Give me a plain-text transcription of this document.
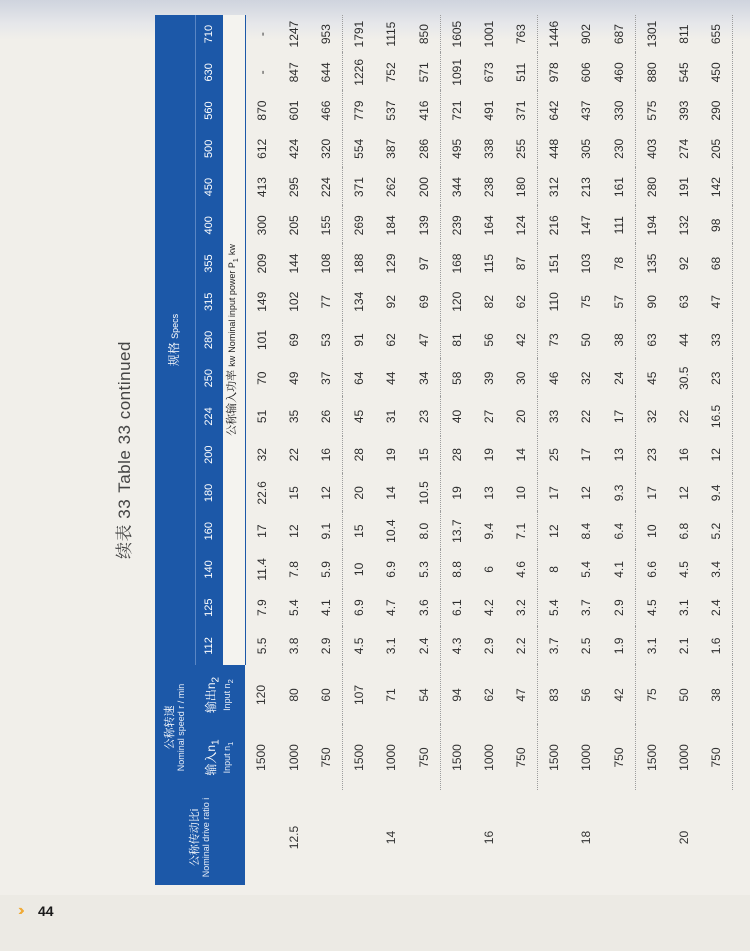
›› 44
续表 33Table 33 continued
公称传动比i Nominal drive ratio i	公称转速 Nominal speed r / min		规格 Specs																
	输入$n_1$
Input $n_1$	输出$n_2$
Input $n_2$	112	125	140	160	180	200	224	250	280	315	355	400	450	500	560	630	710
			公称输入功率 kw Nominal input power $P_1$ kw																
12.5	1500	120	5.5	7.9	11.4	17	22.6	32	51	70	101	149	209	300	413	612	870	-	-
	1000	80	3.8	5.4	7.8	12	15	22	35	49	69	102	144	205	295	424	601	847	1247
	750	60	2.9	4.1	5.9	9.1	12	16	26	37	53	77	108	155	224	320	466	644	953
14	1500	107	4.5	6.9	10	15	20	28	45	64	91	134	188	269	371	554	779	1226	1791
	1000	71	3.1	4.7	6.9	10.4	14	19	31	44	62	92	129	184	262	387	537	752	1115
	750	54	2.4	3.6	5.3	8.0	10.5	15	23	34	47	69	97	139	200	286	416	571	850
16	1500	94	4.3	6.1	8.8	13.7	19	28	40	58	81	120	168	239	344	495	721	1091	1605
	1000	62	2.9	4.2	6	9.4	13	19	27	39	56	82	115	164	238	338	491	673	1001
	750	47	2.2	3.2	4.6	7.1	10	14	20	30	42	62	87	124	180	255	371	511	763
18	1500	83	3.7	5.4	8	12	17	25	33	46	73	110	151	216	312	448	642	978	1446
	1000	56	2.5	3.7	5.4	8.4	12	17	22	32	50	75	103	147	213	305	437	606	902
	750	42	1.9	2.9	4.1	6.4	9.3	13	17	24	38	57	78	111	161	230	330	460	687
20	1500	75	3.1	4.5	6.6	10	17	23	32	45	63	90	135	194	280	403	575	880	1301
	1000	50	2.1	3.1	4.5	6.8	12	16	22	30.5	44	63	92	132	191	274	393	545	811
	750	38	1.6	2.4	3.4	5.2	9.4	12	16.5	23	33	47	68	98	142	205	290	450	655
